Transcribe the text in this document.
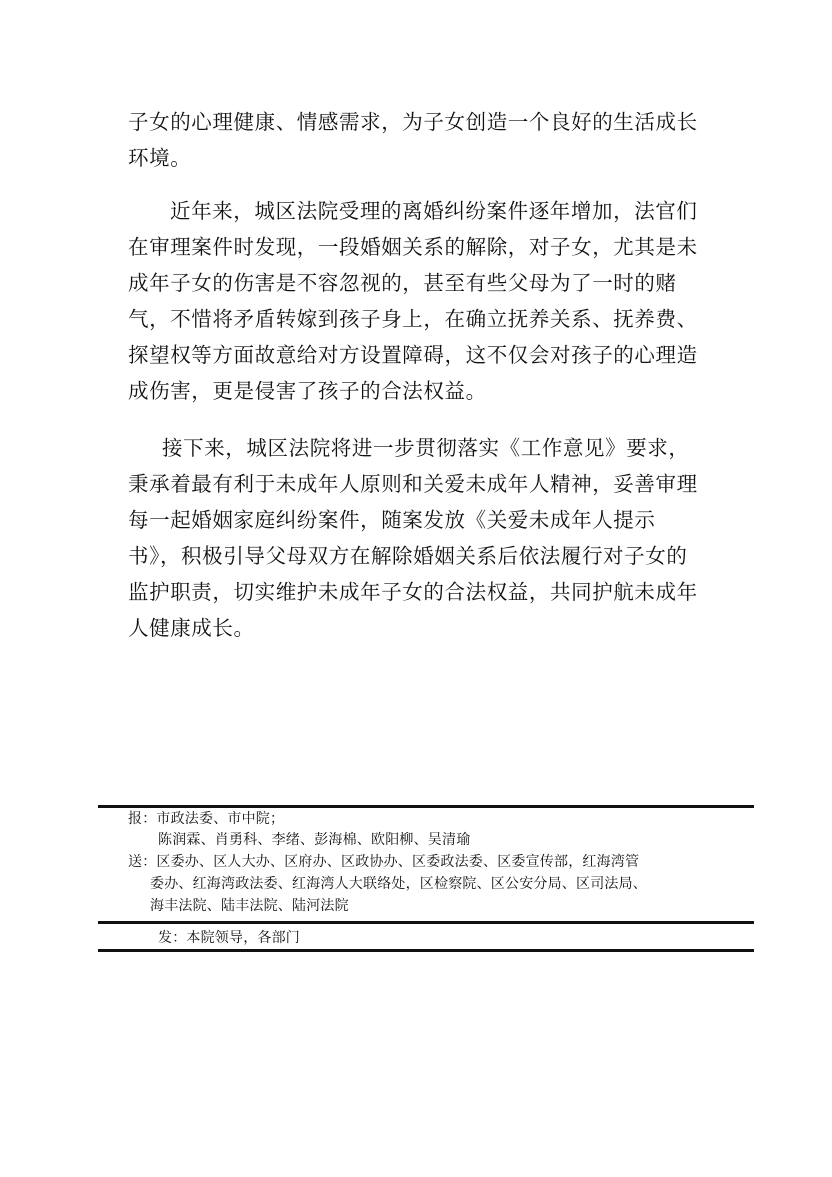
子女的心理健康、情感需求，为子女创造一个良好的生活成长环境。

近年来，城区法院受理的离婚纠纷案件逐年增加，法官们在审理案件时发现，一段婚姻关系的解除，对子女，尤其是未成年子女的伤害是不容忽视的，甚至有些父母为了一时的赌气，不惜将矛盾转嫁到孩子身上，在确立抚养关系、抚养费、探望权等方面故意给对方设置障碍，这不仅会对孩子的心理造成伤害，更是侵害了孩子的合法权益。

接下来，城区法院将进一步贯彻落实《工作意见》要求，秉承着最有利于未成年人原则和关爱未成年人精神，妥善审理每一起婚姻家庭纠纷案件，随案发放《关爱未成年人提示书》，积极引导父母双方在解除婚姻关系后依法履行对子女的监护职责，切实维护未成年子女的合法权益，共同护航未成年人健康成长。

报：市政法委、市中院；
陈润霖、肖勇科、李绪、彭海棉、欧阳柳、吴清瑜
送：区委办、区人大办、区府办、区政协办、区委政法委、区委宣传部，红海湾管
委办、红海湾政法委、红海湾人大联络处，区检察院、区公安分局、区司法局、
海丰法院、陆丰法院、陆河法院
发：本院领导，各部门
